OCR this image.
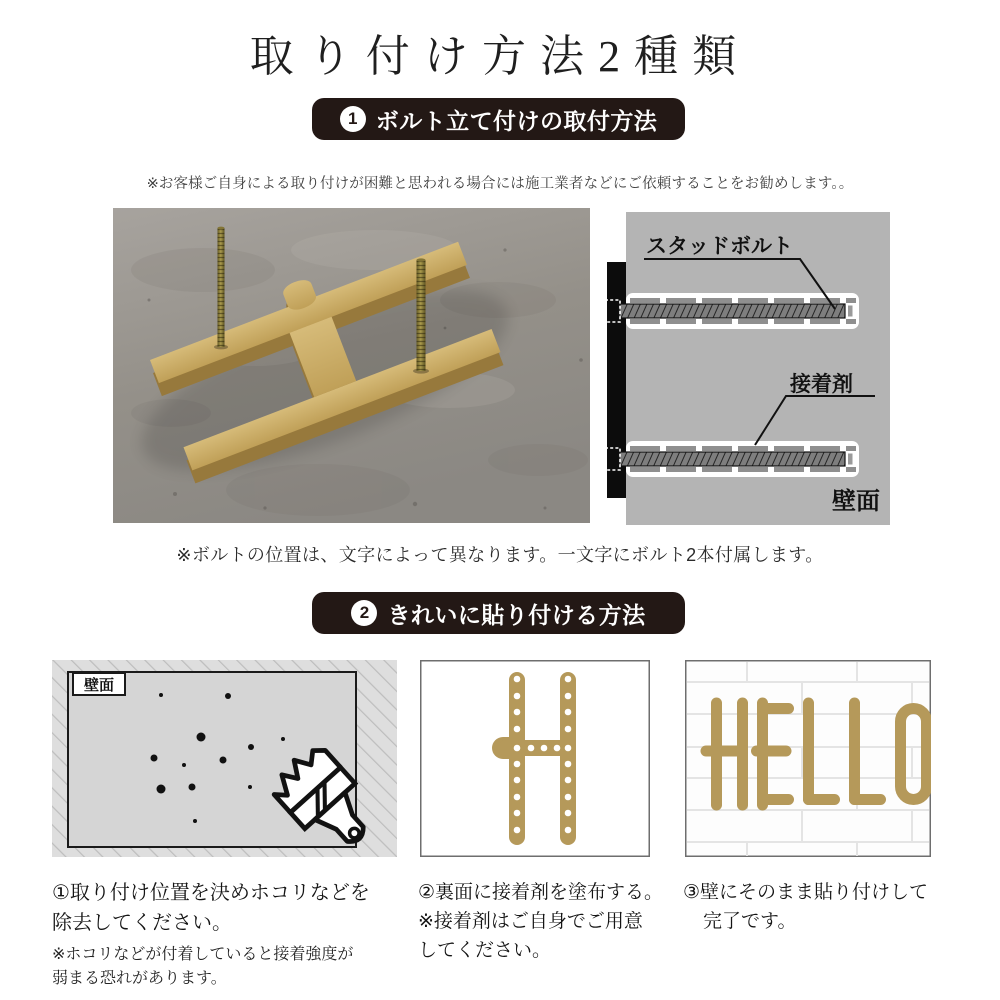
取り付け方法2種類
1 ボルト立て付けの取付方法
※お客様ご自身による取り付けが困難と思われる場合には施工業者などにご依頼することをお勧めします。。
スタッドボルト
接着剤
壁面
※ボルトの位置は、文字によって異なります。一文字にボルト2本付属します。
2 きれいに貼り付ける方法
壁面
①取り付け位置を決めホコリなどを
除去してください。
※ホコリなどが付着していると接着強度が
弱まる恐れがあります。
②裏面に接着剤を塗布する。
※接着剤はご自身でご用意
してください。
③壁にそのまま貼り付けして
完了です。
